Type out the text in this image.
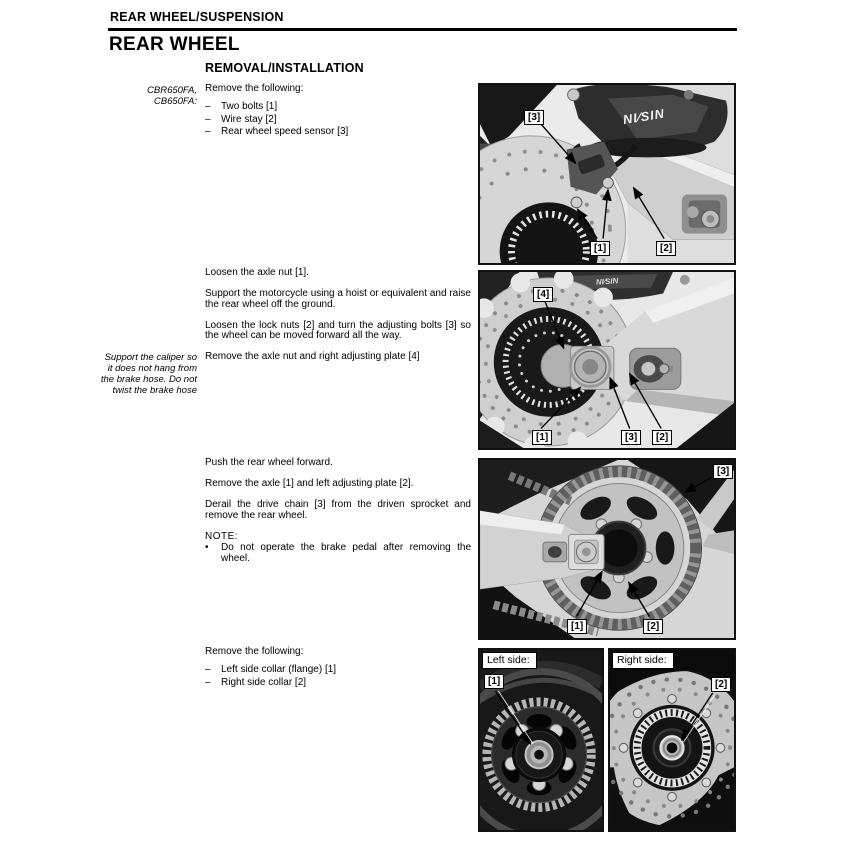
REAR WHEEL/SUSPENSION
REAR WHEEL
REMOVAL/INSTALLATION
CBR650FA,
CB650FA:

Remove the following:

–	Two bolts [1]
–	Wire stay [2]
–	Rear wheel speed sensor [3]

Loosen the axle nut [1].

Support the motorcycle using a hoist or equivalent and raise the rear wheel off the ground.

Loosen the lock nuts [2] and turn the adjusting bolts [3] so the wheel can be moved forward all the way.

Remove the axle nut and right adjusting plate [4]

Support the caliper so it does not hang from the brake hose. Do not twist the brake hose

Push the rear wheel forward.

Remove the axle [1] and left adjusting plate [2].

Derail the drive chain [3] from the driven sprocket and remove the rear wheel.

NOTE:

•	Do not operate the brake pedal after removing the wheel.

Remove the following:

–	Left side collar (flange) [1]
–	Right side collar [2]
NI⁄SIN
[3]
[1]	[2]
NI⁄SIN
[4]
[1]	[3]	[2]
[3]
[1]	[2]
Left side:
[1]
Right side:
[2]
